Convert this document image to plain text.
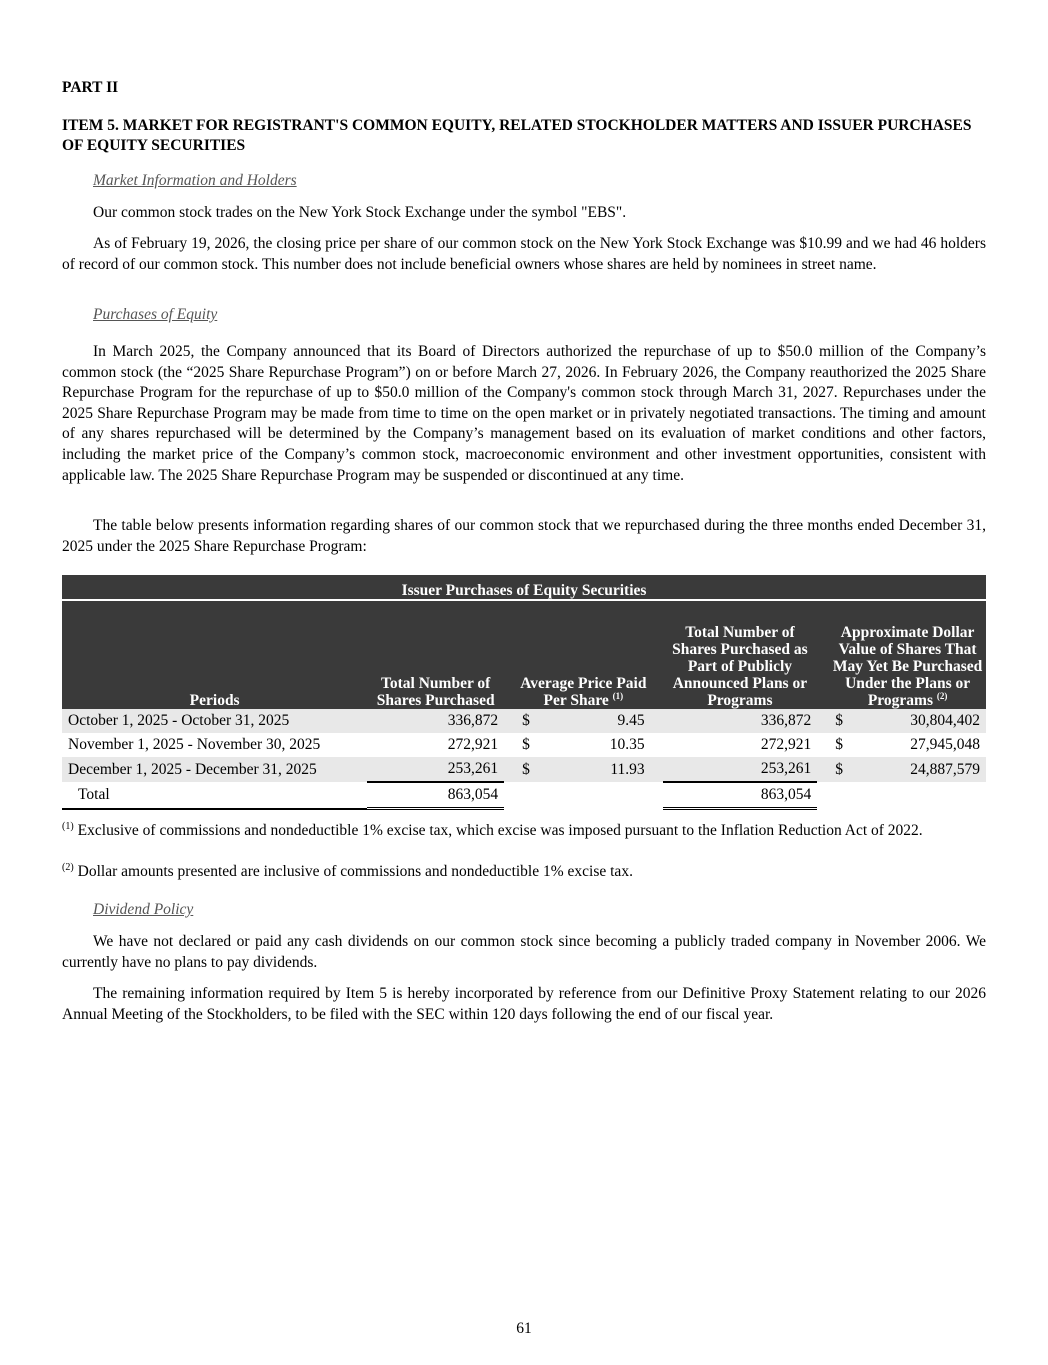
PART II
ITEM 5. MARKET FOR REGISTRANT'S COMMON EQUITY, RELATED STOCKHOLDER MATTERS AND ISSUER PURCHASES OF EQUITY SECURITIES
Market Information and Holders
Our common stock trades on the New York Stock Exchange under the symbol "EBS".
As of February 19, 2026, the closing price per share of our common stock on the New York Stock Exchange was $10.99 and we had 46 holders of record of our common stock. This number does not include beneficial owners whose shares are held by nominees in street name.
Purchases of Equity
In March 2025, the Company announced that its Board of Directors authorized the repurchase of up to $50.0 million of the Company’s common stock (the “2025 Share Repurchase Program”) on or before March 27, 2026. In February 2026, the Company reauthorized the 2025 Share Repurchase Program for the repurchase of up to $50.0 million of the Company's common stock through March 31, 2027. Repurchases under the 2025 Share Repurchase Program may be made from time to time on the open market or in privately negotiated transactions. The timing and amount of any shares repurchased will be determined by the Company’s management based on its evaluation of market conditions and other factors, including the market price of the Company’s common stock, macroeconomic environment and other investment opportunities, consistent with applicable law. The 2025 Share Repurchase Program may be suspended or discontinued at any time.
The table below presents information regarding shares of our common stock that we repurchased during the three months ended December 31, 2025 under the 2025 Share Repurchase Program:
Issuer Purchases of Equity Securities							
Periods	Total Number of Shares Purchased		Average Price Paid Per Share $^{(1)}$		Total Number of Shares Purchased as Part of Publicly Announced Plans or Programs		Approximate Dollar Value of Shares That May Yet Be Purchased Under the Plans or Programs $^{(2)}$
October 1, 2025 - October 31, 2025	336,872		$ 9.45		336,872		$ 30,804,402

November 1, 2025 - November 30, 2025	272,921		$ 10.35		272,921		$ 27,945,048

December 1, 2025 - December 31, 2025	253,261		$ 11.93		253,261		$ 24,887,579

Total	863,054				863,054		
$^{(1)}$ Exclusive of commissions and nondeductible 1% excise tax, which excise was imposed pursuant to the Inflation Reduction Act of 2022.
$^{(2)}$ Dollar amounts presented are inclusive of commissions and nondeductible 1% excise tax.
Dividend Policy
We have not declared or paid any cash dividends on our common stock since becoming a publicly traded company in November 2006. We currently have no plans to pay dividends.
The remaining information required by Item 5 is hereby incorporated by reference from our Definitive Proxy Statement relating to our 2026 Annual Meeting of the Stockholders, to be filed with the SEC within 120 days following the end of our fiscal year.
61
